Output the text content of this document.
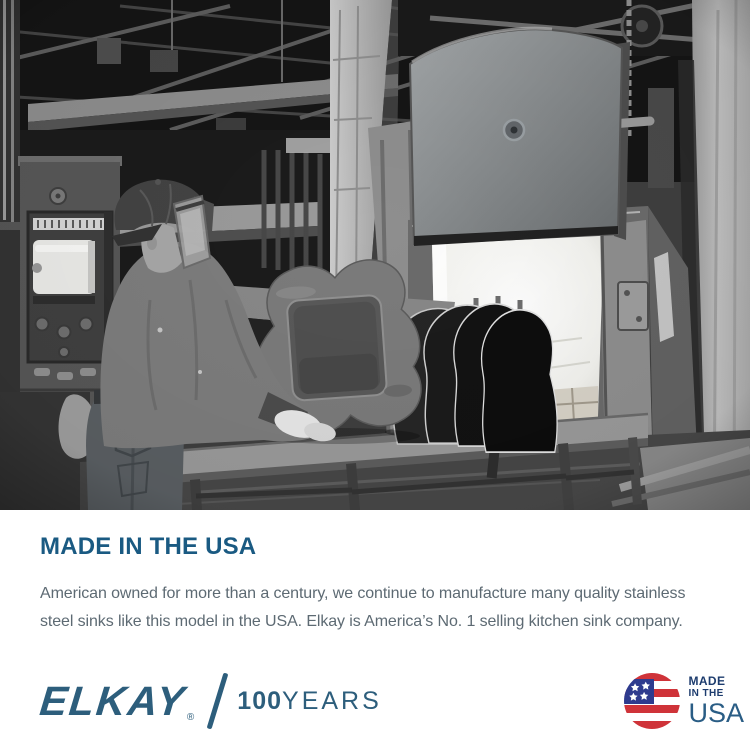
MADE IN THE USA

American owned for more than a century, we continue to manufacture many quality stainless
steel sinks like this model in the USA. Elkay is America’s No. 1 selling kitchen sink company.

ELKAY
®
100 YEARS
MADE
IN THE
USA
